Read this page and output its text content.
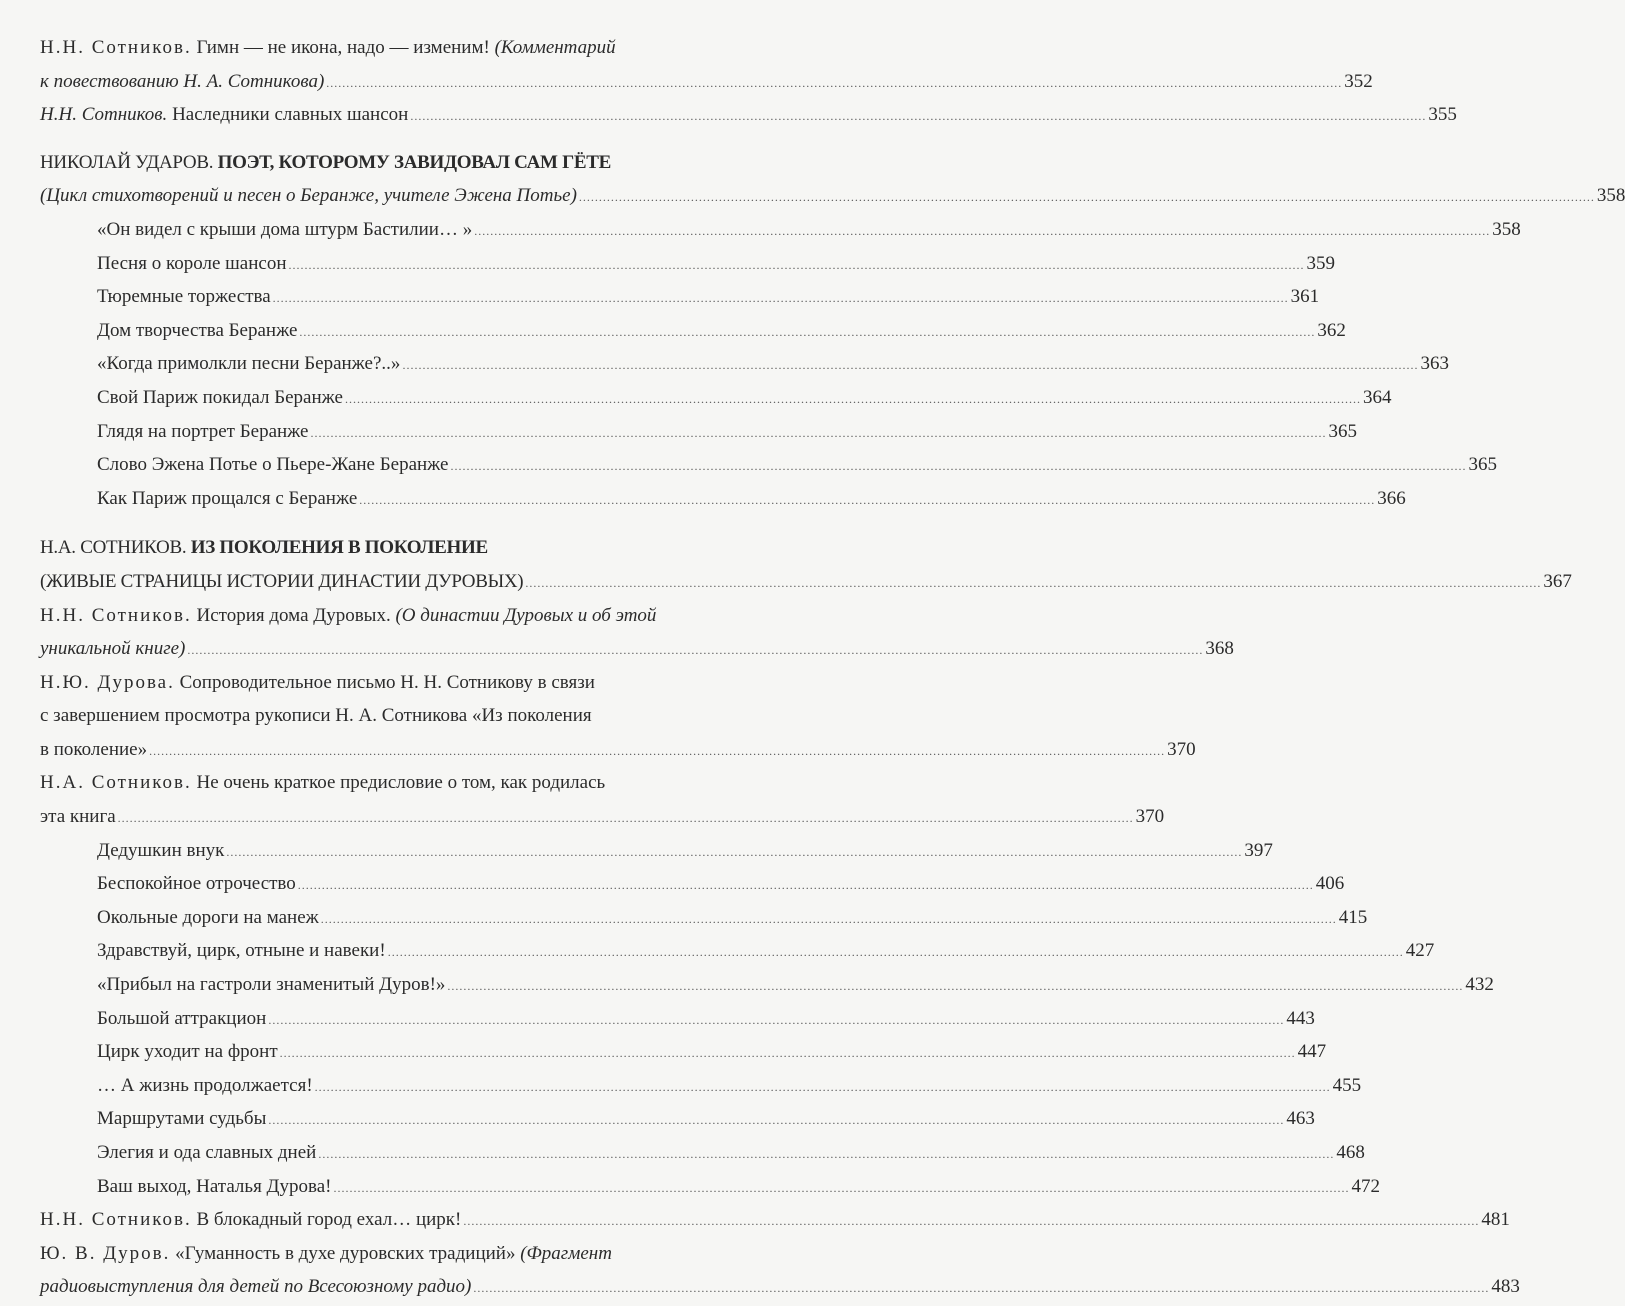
Н.Н. Сотников. Гимн — не икона, надо — изменим! (Комментарий
к повествованию Н. А. Сотникова) .....	352
Н.Н. Сотников. Наследники славных шансон .....	355
НИКОЛАЙ УДАРОВ. ПОЭТ, КОТОРОМУ ЗАВИДОВАЛ САМ ГЁТЕ
(Цикл стихотворений и песен о Беранже, учителе Эжена Потье) .....	358
«Он видел с крыши дома штурм Бастилии… » .....	358
Песня о короле шансон .....	359
Тюремные торжества .....	361
Дом творчества Беранже .....	362
«Когда примолкли песни Беранже?..» .....	363
Свой Париж покидал Беранже .....	364
Глядя на портрет Беранже .....	365
Слово Эжена Потье о Пьере-Жане Беранже .....	365
Как Париж прощался с Беранже .....	366
Н.А. СОТНИКОВ. ИЗ ПОКОЛЕНИЯ В ПОКОЛЕНИЕ
(ЖИВЫЕ СТРАНИЦЫ ИСТОРИИ ДИНАСТИИ ДУРОВЫХ) .....	367
Н.Н. Сотников. История дома Дуровых. (О династии Дуровых и об этой
уникальной книге) .....	368
Н.Ю. Дурова. Сопроводительное письмо Н. Н. Сотникову в связи
с завершением просмотра рукописи Н. А. Сотникова «Из поколения
в поколение» .....	370
Н.А. Сотников. Не очень краткое предисловие о том, как родилась
эта книга .....	370
Дедушкин внук .....	397
Беспокойное отрочество .....	406
Окольные дороги на манеж .....	415
Здравствуй, цирк, отныне и навеки! .....	427
«Прибыл на гастроли знаменитый Дуров!» .....	432
Большой аттракцион .....	443
Цирк уходит на фронт .....	447
… А жизнь продолжается! .....	455
Маршрутами судьбы .....	463
Элегия и ода славных дней .....	468
Ваш выход, Наталья Дурова! .....	472
Н.Н. Сотников. В блокадный город ехал… цирк! .....	481
Ю. В. Дуров. «Гуманность в духе дуровских традиций» (Фрагмент
радиовыступления для детей по Всесоюзному радио) .....	483
